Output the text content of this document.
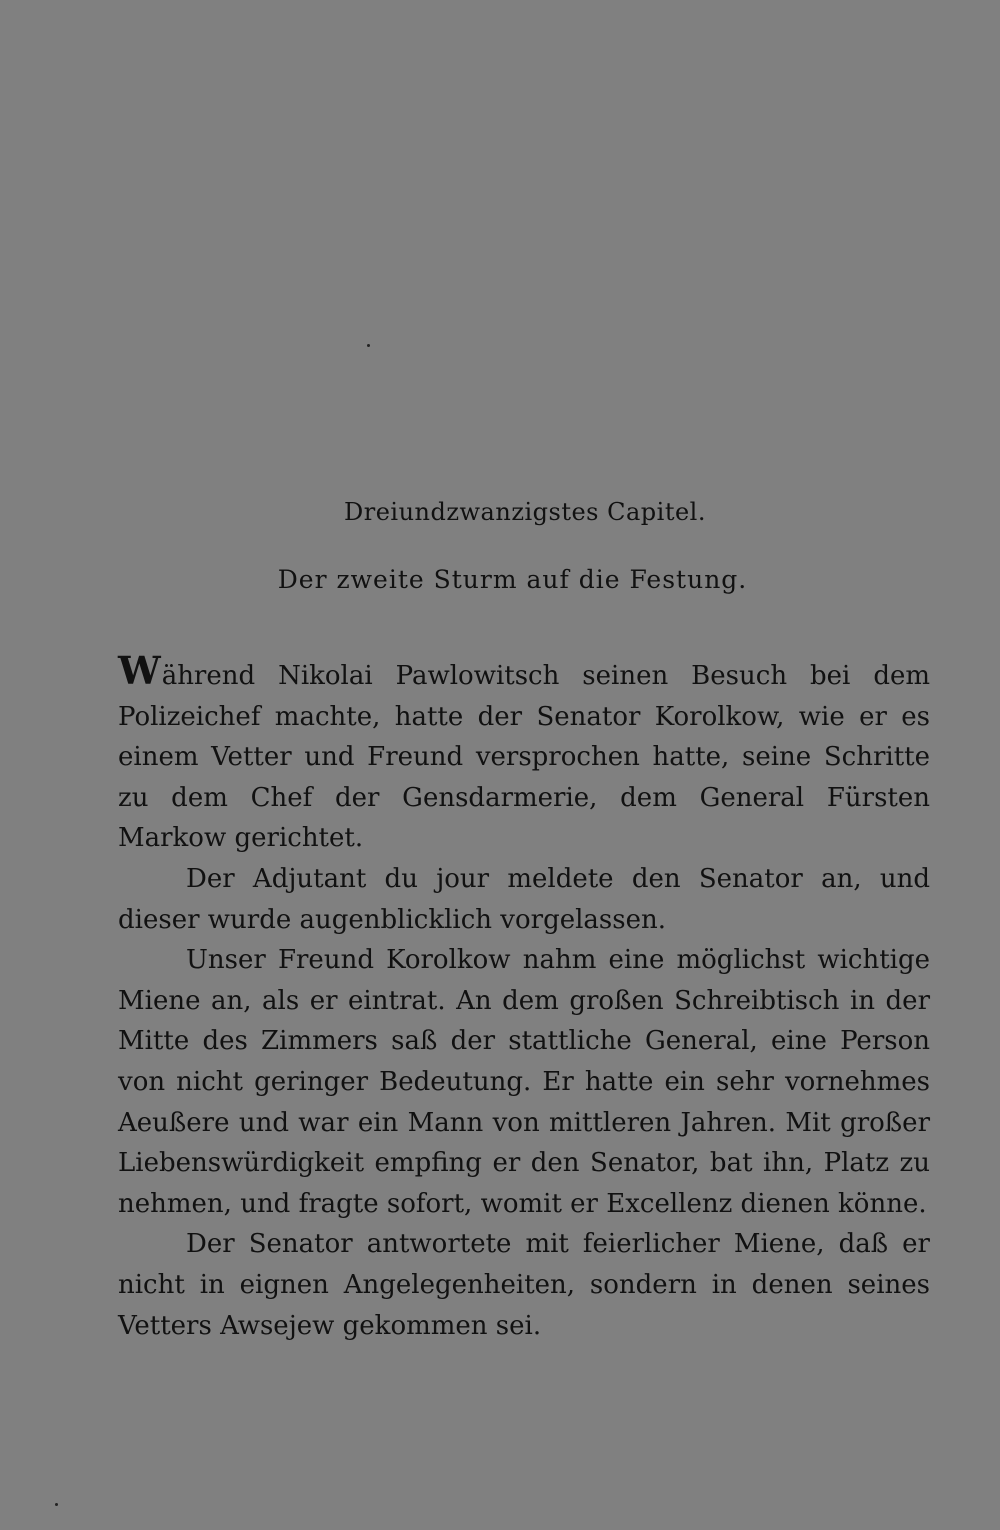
Dreiundzwanzigstes Capitel.
Der zweite Sturm auf die Festung.

Während Nikolai Pawlowitsch seinen Besuch bei dem Polizeichef machte, hatte der Senator Korolkow, wie er es einem Vetter und Freund versprochen hatte, seine Schritte zu dem Chef der Gensdarmerie, dem General Fürsten Markow gerichtet.

Der Adjutant du jour meldete den Senator an, und dieser wurde augenblicklich vorgelassen.

Unser Freund Korolkow nahm eine möglichst wichtige Miene an, als er eintrat. An dem großen Schreibtisch in der Mitte des Zimmers saß der stattliche General, eine Person von nicht geringer Bedeutung. Er hatte ein sehr vornehmes Aeußere und war ein Mann von mittleren Jahren. Mit großer Liebenswürdigkeit empfing er den Senator, bat ihn, Platz zu nehmen, und fragte sofort, womit er Excellenz dienen könne.

Der Senator antwortete mit feierlicher Miene, daß er nicht in eignen Angelegenheiten, sondern in denen seines Vetters Awsejew gekommen sei.
